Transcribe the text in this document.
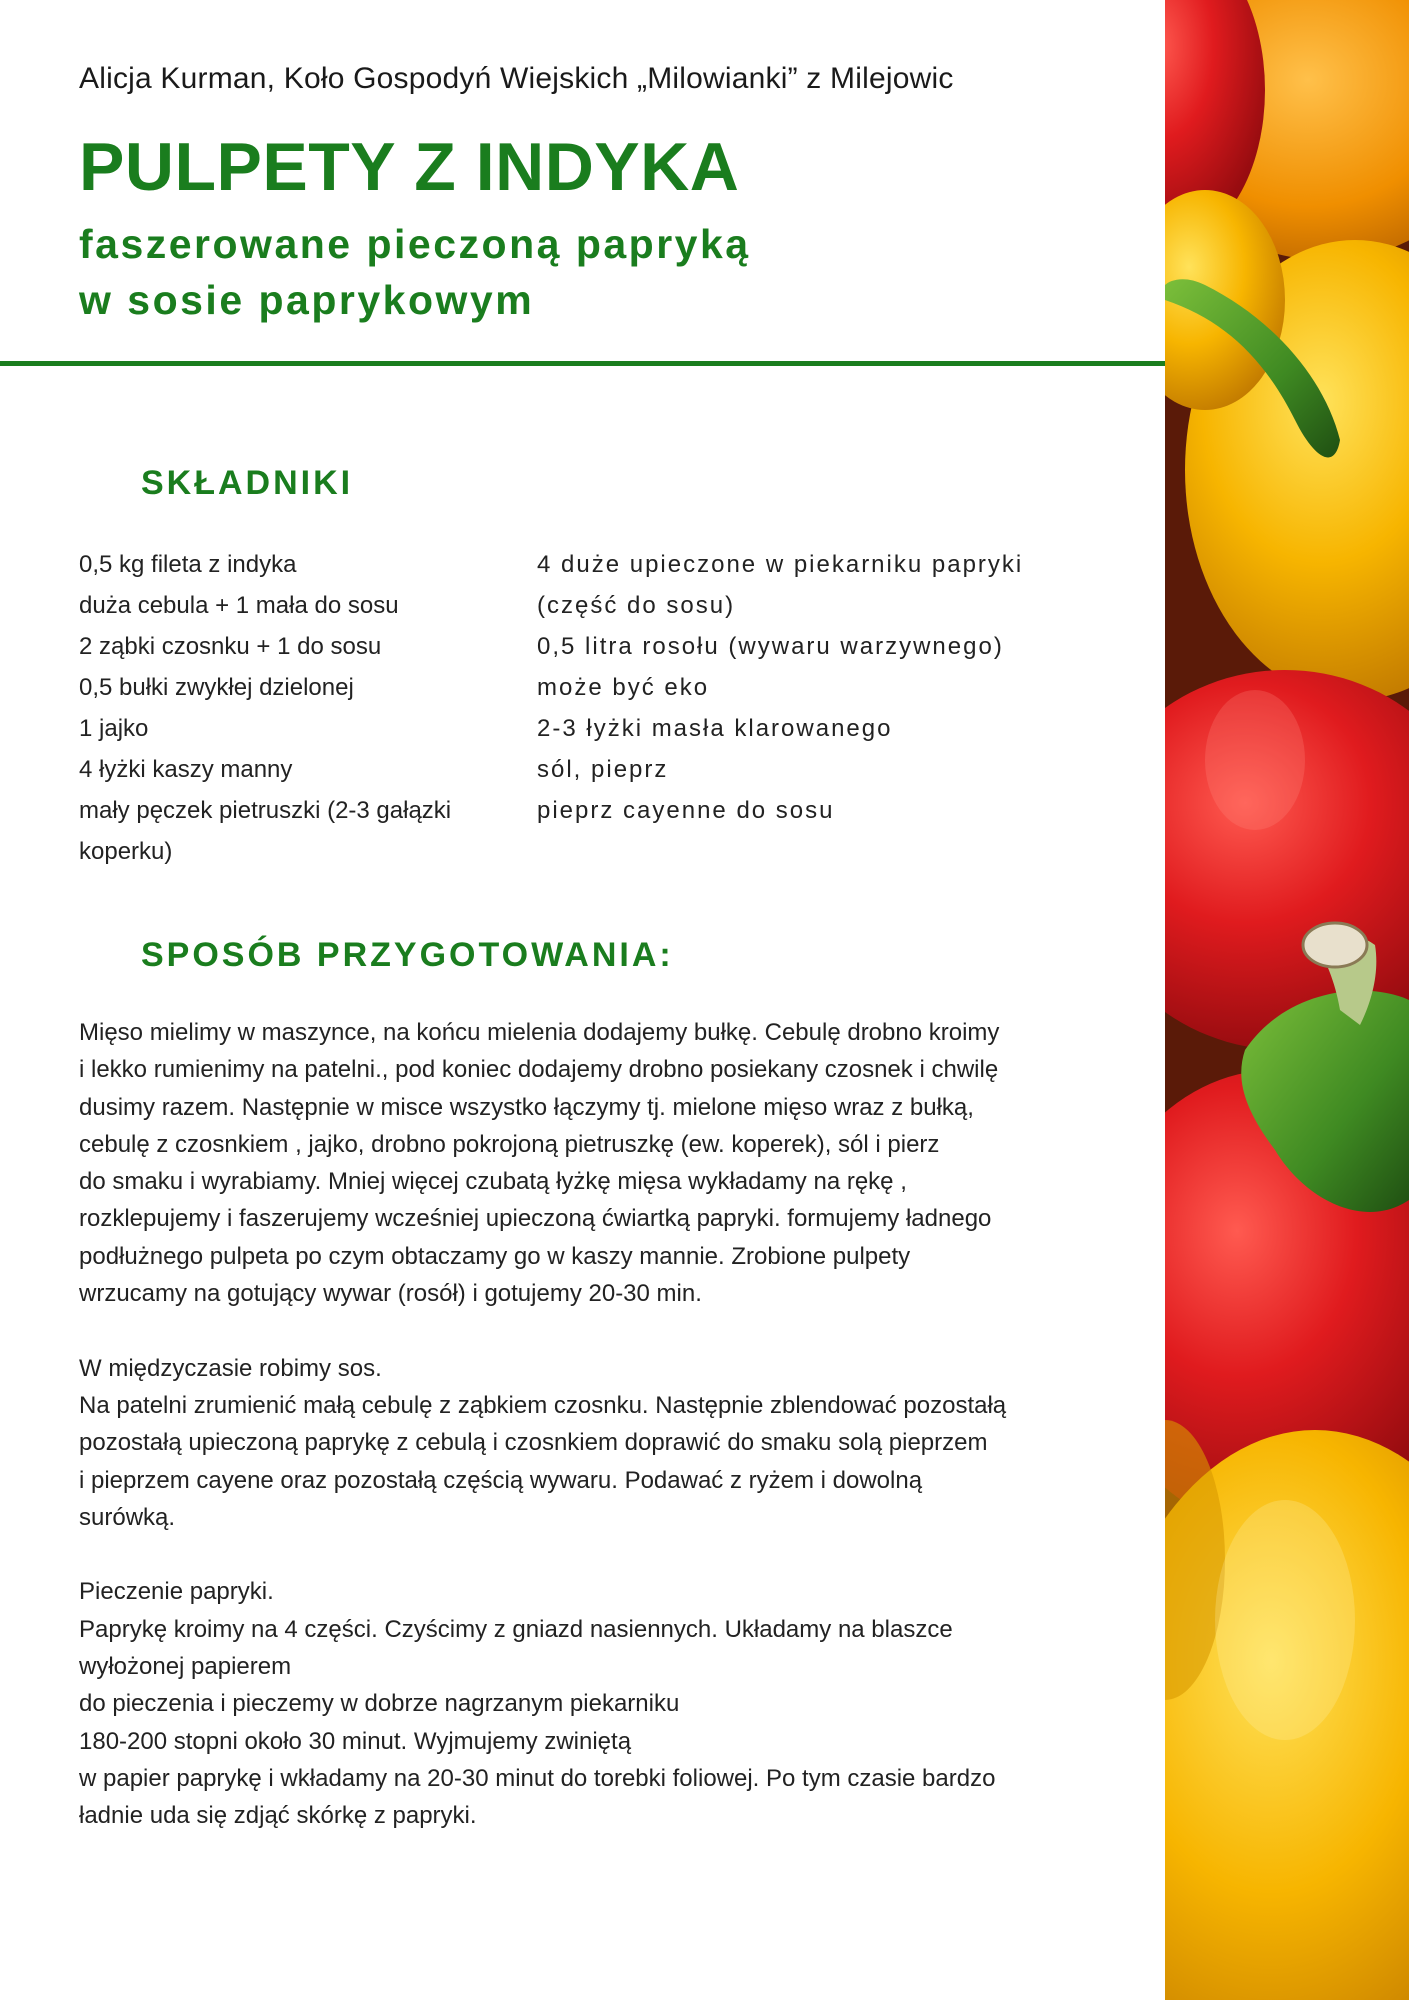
Alicja Kurman, Koło Gospodyń Wiejskich „Milowianki” z Milejowic
PULPETY Z INDYKA
faszerowane pieczoną papryką
w sosie paprykowym
SKŁADNIKI
0,5 kg fileta z indyka
duża cebula + 1 mała do sosu
2 ząbki czosnku + 1 do sosu
0,5 bułki zwykłej dzielonej
1 jajko
4 łyżki kaszy manny
mały pęczek pietruszki (2-3 gałązki
koperku)
4 duże upieczone w piekarniku papryki
(część do sosu)
0,5 litra rosołu (wywaru warzywnego)
może być eko
2-3 łyżki masła klarowanego
sól, pieprz
pieprz cayenne do sosu
SPOSÓB PRZYGOTOWANIA:
Mięso mielimy w maszynce, na końcu mielenia dodajemy bułkę. Cebulę drobno kroimy
i lekko rumienimy na patelni., pod koniec dodajemy drobno posiekany czosnek i chwilę
dusimy razem. Następnie w misce wszystko łączymy tj. mielone mięso wraz z bułką,
cebulę z czosnkiem , jajko, drobno pokrojoną pietruszkę (ew. koperek), sól i pierz
do smaku i wyrabiamy. Mniej więcej czubatą łyżkę mięsa wykładamy na rękę ,
rozklepujemy i faszerujemy wcześniej upieczoną ćwiartką papryki. formujemy ładnego
podłużnego pulpeta po czym obtaczamy go w kaszy mannie. Zrobione pulpety
wrzucamy na gotujący wywar (rosół) i gotujemy 20-30 min.
W międzyczasie robimy sos.
Na patelni zrumienić małą cebulę z ząbkiem czosnku. Następnie zblendować pozostałą
pozostałą upieczoną paprykę z cebulą i czosnkiem doprawić do smaku solą pieprzem
i pieprzem cayene oraz pozostałą częścią wywaru. Podawać z ryżem i dowolną
surówką.
Pieczenie papryki.
Paprykę kroimy na 4 części. Czyścimy z gniazd nasiennych. Układamy na blaszce
wyłożonej papierem
do pieczenia i pieczemy w dobrze nagrzanym piekarniku
180-200 stopni około 30 minut. Wyjmujemy zwiniętą
w papier paprykę i wkładamy na 20-30 minut do torebki foliowej. Po tym czasie bardzo
ładnie uda się zdjąć skórkę z papryki.
